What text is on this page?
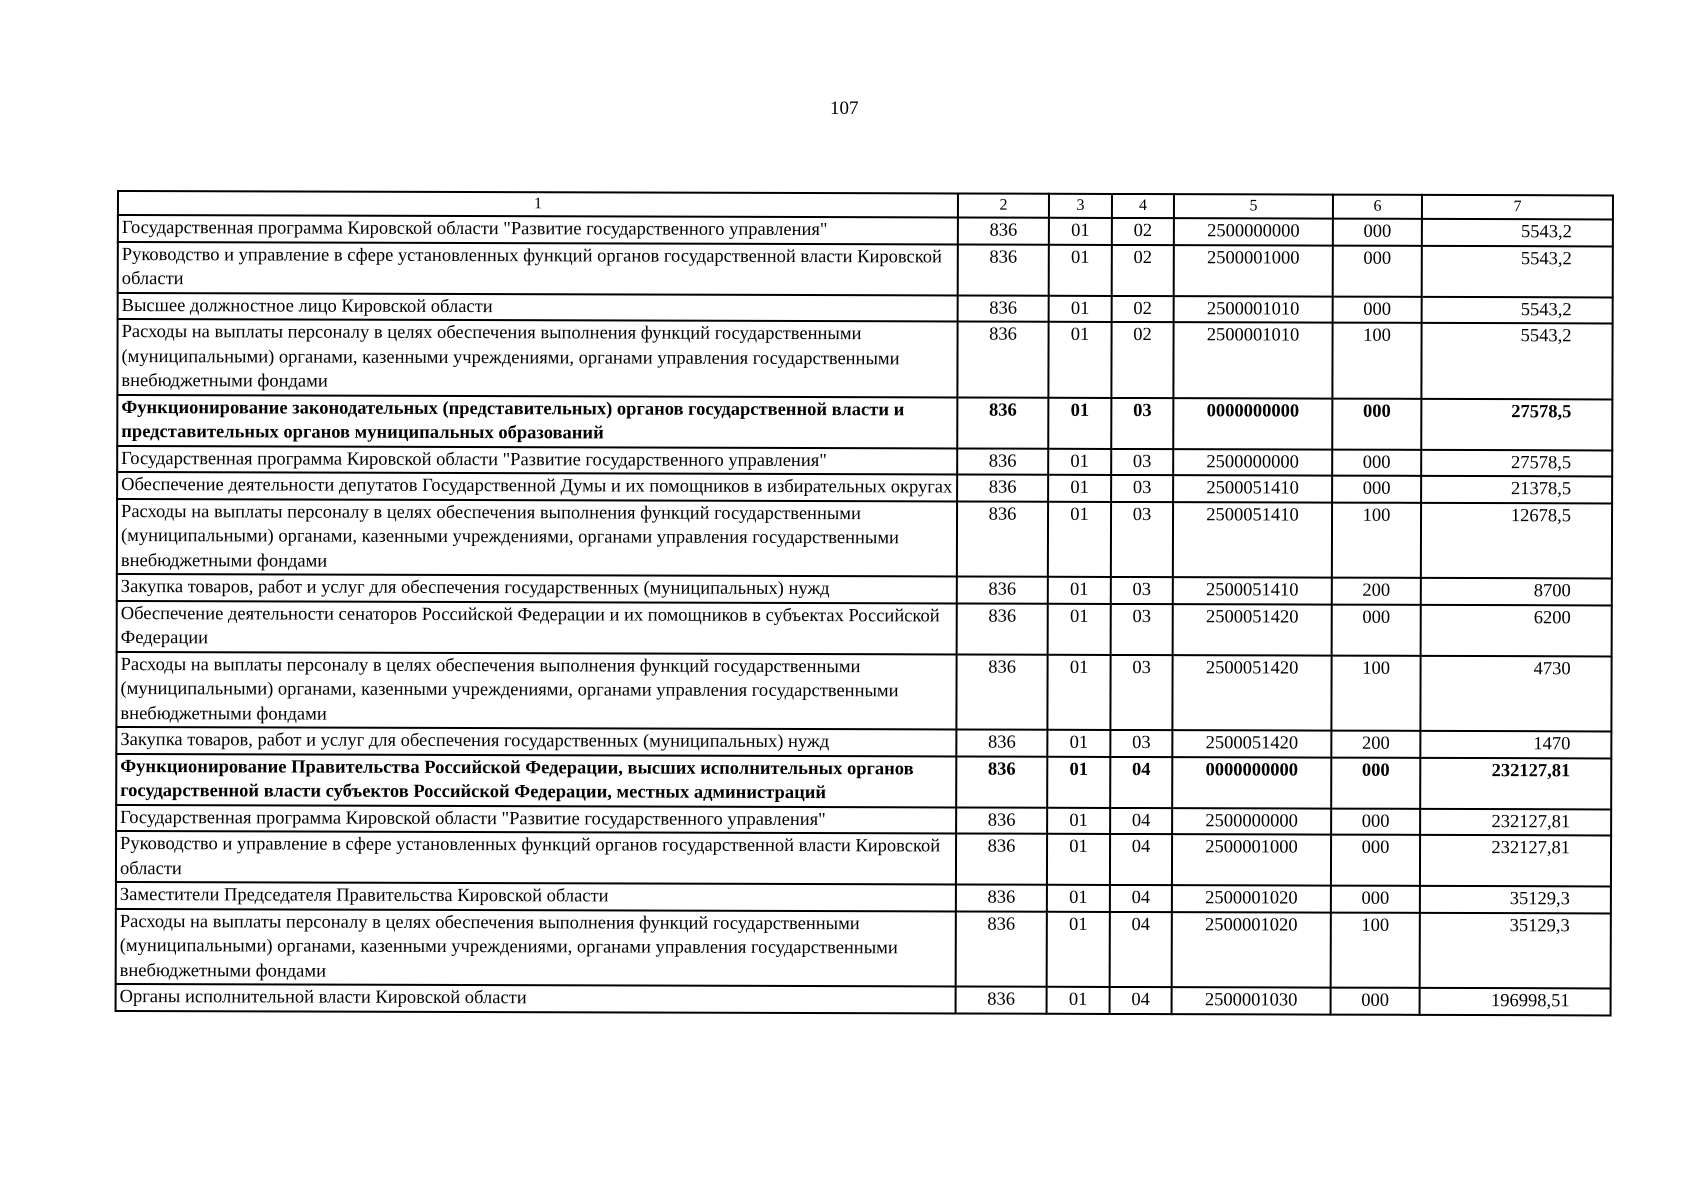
107
1	2	3	4	5	6	7
Государственная программа Кировской области "Развитие государственного управления"	836	01	02	2500000000	000	5543,2
Руководство и управление в сфере установленных функций органов государственной власти Кировской области	836	01	02	2500001000	000	5543,2
Высшее должностное лицо Кировской области	836	01	02	2500001010	000	5543,2
Расходы на выплаты персоналу в целях обеспечения выполнения функций государственными (муниципальными) органами, казенными учреждениями, органами управления государственными внебюджетными фондами	836	01	02	2500001010	100	5543,2
Функционирование законодательных (представительных) органов государственной власти и представительных органов муниципальных образований	836	01	03	0000000000	000	27578,5
Государственная программа Кировской области "Развитие государственного управления"	836	01	03	2500000000	000	27578,5
Обеспечение деятельности депутатов Государственной Думы и их помощников в избирательных округах	836	01	03	2500051410	000	21378,5
Расходы на выплаты персоналу в целях обеспечения выполнения функций государственными (муниципальными) органами, казенными учреждениями, органами управления государственными внебюджетными фондами	836	01	03	2500051410	100	12678,5
Закупка товаров, работ и услуг для обеспечения государственных (муниципальных) нужд	836	01	03	2500051410	200	8700
Обеспечение деятельности сенаторов Российской Федерации и их помощников в субъектах Российской Федерации	836	01	03	2500051420	000	6200
Расходы на выплаты персоналу в целях обеспечения выполнения функций государственными (муниципальными) органами, казенными учреждениями, органами управления государственными внебюджетными фондами	836	01	03	2500051420	100	4730
Закупка товаров, работ и услуг для обеспечения государственных (муниципальных) нужд	836	01	03	2500051420	200	1470
Функционирование Правительства Российской Федерации, высших исполнительных органов государственной власти субъектов Российской Федерации, местных администраций	836	01	04	0000000000	000	232127,81
Государственная программа Кировской области "Развитие государственного управления"	836	01	04	2500000000	000	232127,81
Руководство и управление в сфере установленных функций органов государственной власти Кировской области	836	01	04	2500001000	000	232127,81
Заместители Председателя Правительства Кировской области	836	01	04	2500001020	000	35129,3
Расходы на выплаты персоналу в целях обеспечения выполнения функций государственными (муниципальными) органами, казенными учреждениями, органами управления государственными внебюджетными фондами	836	01	04	2500001020	100	35129,3
Органы исполнительной власти Кировской области	836	01	04	2500001030	000	196998,51
